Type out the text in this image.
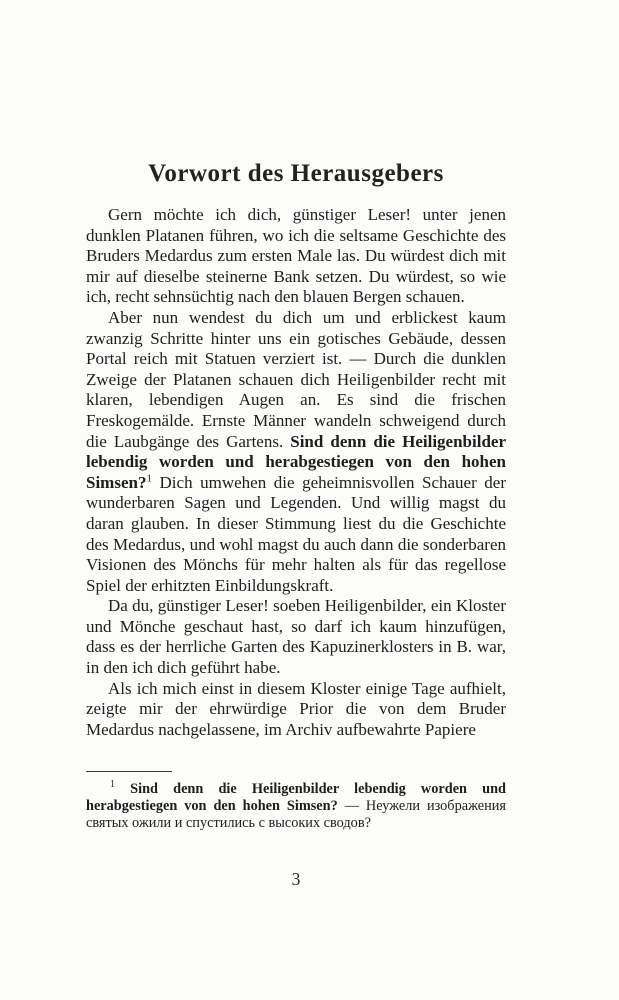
Vorwort des Herausgebers

Gern möchte ich dich, günstiger Leser! unter jenen dunklen Platanen führen, wo ich die seltsame Geschichte des Bruders Medardus zum ersten Male las. Du würdest dich mit mir auf dieselbe steinerne Bank setzen. Du würdest, so wie ich, recht sehnsüchtig nach den blauen Bergen schauen.

Aber nun wendest du dich um und erblickest kaum zwanzig Schritte hinter uns ein gotisches Gebäude, dessen Portal reich mit Statuen verziert ist. — Durch die dunklen Zweige der Platanen schauen dich Heiligenbilder recht mit klaren, lebendigen Augen an. Es sind die frischen Freskogemälde. Ernste Männer wandeln schweigend durch die Laubgänge des Gartens. Sind denn die Heiligenbilder lebendig worden und herabgestiegen von den hohen Simsen?$^1$ Dich umwehen die geheimnisvollen Schauer der wunderbaren Sagen und Legenden. Und willig magst du daran glauben. In dieser Stimmung liest du die Geschichte des Medardus, und wohl magst du auch dann die sonderbaren Visionen des Mönchs für mehr halten als für das regellose Spiel der erhitzten Einbildungskraft.

Da du, günstiger Leser! soeben Heiligenbilder, ein Kloster und Mönche geschaut hast, so darf ich kaum hinzufügen, dass es der herrliche Garten des Kapuzinerklosters in B. war, in den ich dich geführt habe.

Als ich mich einst in diesem Kloster einige Tage aufhielt, zeigte mir der ehrwürdige Prior die von dem Bruder Medardus nachgelassene, im Archiv aufbewahrte Papiere

$^1$ Sind denn die Heiligenbilder lebendig worden und herabgestiegen von den hohen Simsen? — Неужели изображения святых ожили и спустились с высоких сводов?

3
